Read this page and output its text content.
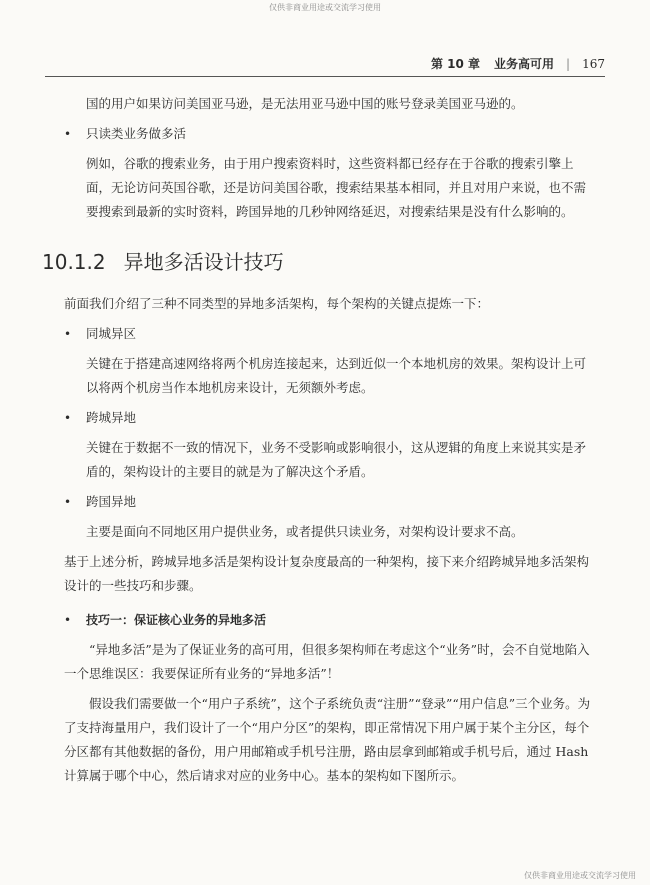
仅供非商业用途或交流学习使用
第 10 章 业务高可用 | 167

国的用户如果访问美国亚马逊，是无法用亚马逊中国的账号登录美国亚马逊的。

•	只读类业务做多活

例如，谷歌的搜索业务，由于用户搜索资料时，这些资料都已经存在于谷歌的搜索引擎上面，无论访问英国谷歌，还是访问美国谷歌，搜索结果基本相同，并且对用户来说，也不需要搜索到最新的实时资料，跨国异地的几秒钟网络延迟，对搜索结果是没有什么影响的。

10.1.2 异地多活设计技巧

前面我们介绍了三种不同类型的异地多活架构，每个架构的关键点提炼一下：

•	同城异区

关键在于搭建高速网络将两个机房连接起来，达到近似一个本地机房的效果。架构设计上可以将两个机房当作本地机房来设计，无须额外考虑。

•	跨城异地

关键在于数据不一致的情况下，业务不受影响或影响很小，这从逻辑的角度上来说其实是矛盾的，架构设计的主要目的就是为了解决这个矛盾。

•	跨国异地

主要是面向不同地区用户提供业务，或者提供只读业务，对架构设计要求不高。

基于上述分析，跨城异地多活是架构设计复杂度最高的一种架构，接下来介绍跨城异地多活架构设计的一些技巧和步骤。

•	技巧一：保证核心业务的异地多活

“异地多活”是为了保证业务的高可用，但很多架构师在考虑这个“业务”时，会不自觉地陷入一个思维误区：我要保证所有业务的“异地多活”！

假设我们需要做一个“用户子系统”，这个子系统负责“注册”“登录”“用户信息”三个业务。为了支持海量用户，我们设计了一个“用户分区”的架构，即正常情况下用户属于某个主分区，每个分区都有其他数据的备份，用户用邮箱或手机号注册，路由层拿到邮箱或手机号后，通过 Hash 计算属于哪个中心，然后请求对应的业务中心。基本的架构如下图所示。

仅供非商业用途或交流学习使用
